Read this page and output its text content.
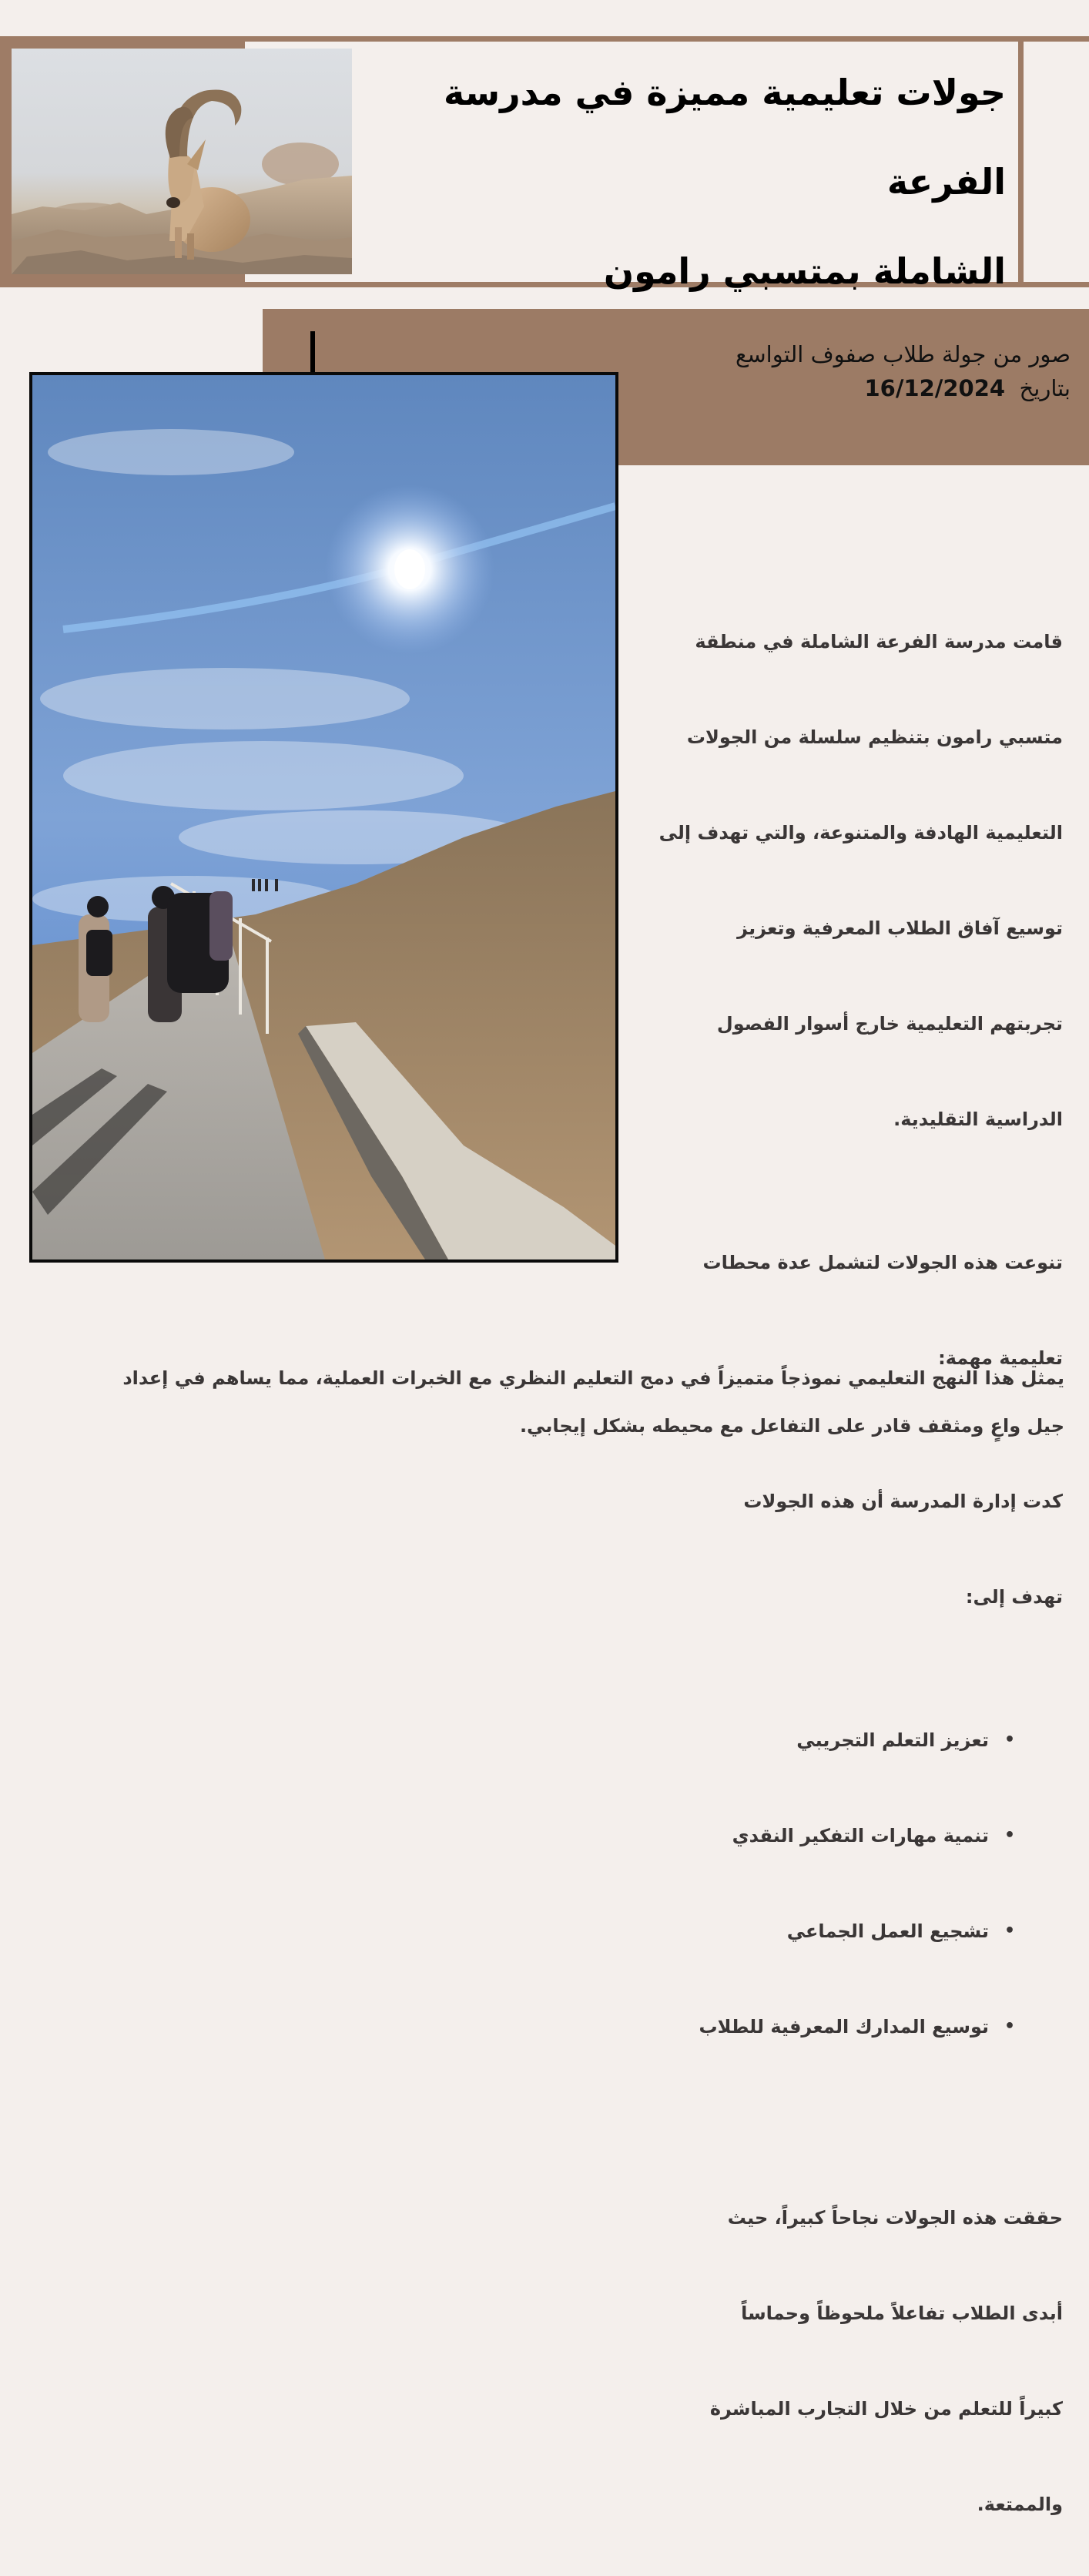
جولات تعليمية مميزة في مدرسة الفرعة
الشاملة بمتسبي رامون
صور من جولة طلاب صفوف التواسع
بتاريخ  16/12/2024

قامت مدرسة الفرعة الشاملة في منطقة

متسبي رامون بتنظيم سلسلة من الجولات

التعليمية الهادفة والمتنوعة، والتي تهدف إلى

توسيع آفاق الطلاب المعرفية وتعزيز

تجربتهم التعليمية خارج أسوار الفصول

الدراسية التقليدية.

تنوعت هذه الجولات لتشمل عدة محطات

تعليمية مهمة:

كدت إدارة المدرسة أن هذه الجولات

تهدف إلى:

•
تعزيز التعلم التجريبي

•
تنمية مهارات التفكير النقدي

•
تشجيع العمل الجماعي

•
توسيع المدارك المعرفية للطلاب

حققت هذه الجولات نجاحاً كبيراً، حيث

أبدى الطلاب تفاعلاً ملحوظاً وحماساً

كبيراً للتعلم من خلال التجارب المباشرة

والممتعة.

يمثل هذا النهج التعليمي نموذجاً متميزاً في دمج التعليم النظري مع الخبرات العملية، مما يساهم في إعداد

جيل واعٍ ومثقف قادر على التفاعل مع محيطه بشكل إيجابي.
